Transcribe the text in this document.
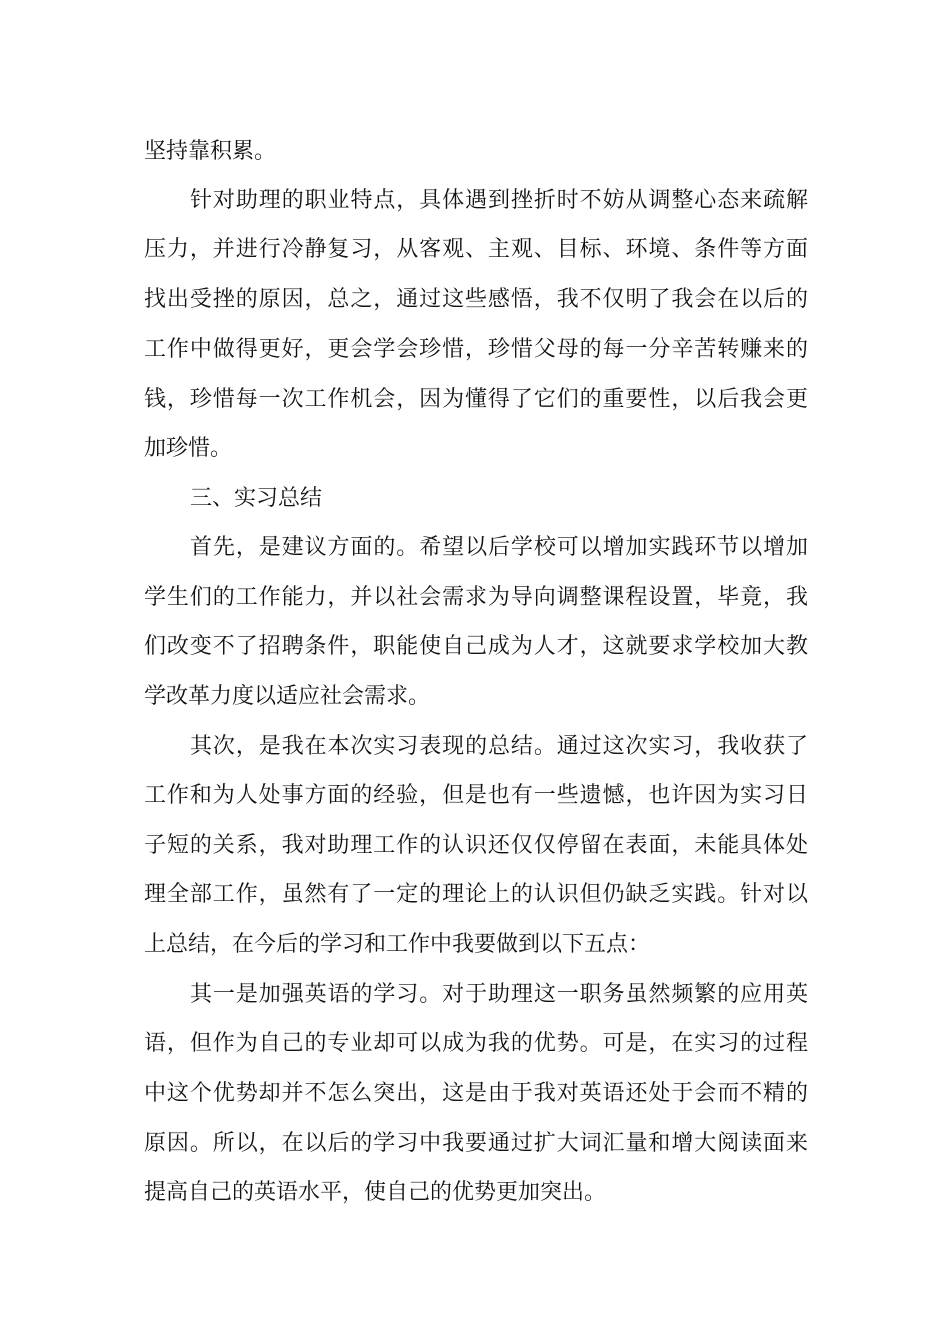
坚持靠积累。
针对助理的职业特点，具体遇到挫折时不妨从调整心态来疏解
压力，并进行冷静复习，从客观、主观、目标、环境、条件等方面
找出受挫的原因，总之，通过这些感悟，我不仅明了我会在以后的
工作中做得更好，更会学会珍惜，珍惜父母的每一分辛苦转赚来的
钱，珍惜每一次工作机会，因为懂得了它们的重要性，以后我会更
加珍惜。
三、实习总结
首先，是建议方面的。希望以后学校可以增加实践环节以增加
学生们的工作能力，并以社会需求为导向调整课程设置，毕竟，我
们改变不了招聘条件，职能使自己成为人才，这就要求学校加大教
学改革力度以适应社会需求。
其次，是我在本次实习表现的总结。通过这次实习，我收获了
工作和为人处事方面的经验，但是也有一些遗憾，也许因为实习日
子短的关系，我对助理工作的认识还仅仅停留在表面，未能具体处
理全部工作，虽然有了一定的理论上的认识但仍缺乏实践。针对以
上总结，在今后的学习和工作中我要做到以下五点：
其一是加强英语的学习。对于助理这一职务虽然频繁的应用英
语，但作为自己的专业却可以成为我的优势。可是，在实习的过程
中这个优势却并不怎么突出，这是由于我对英语还处于会而不精的
原因。所以，在以后的学习中我要通过扩大词汇量和增大阅读面来
提高自己的英语水平，使自己的优势更加突出。
